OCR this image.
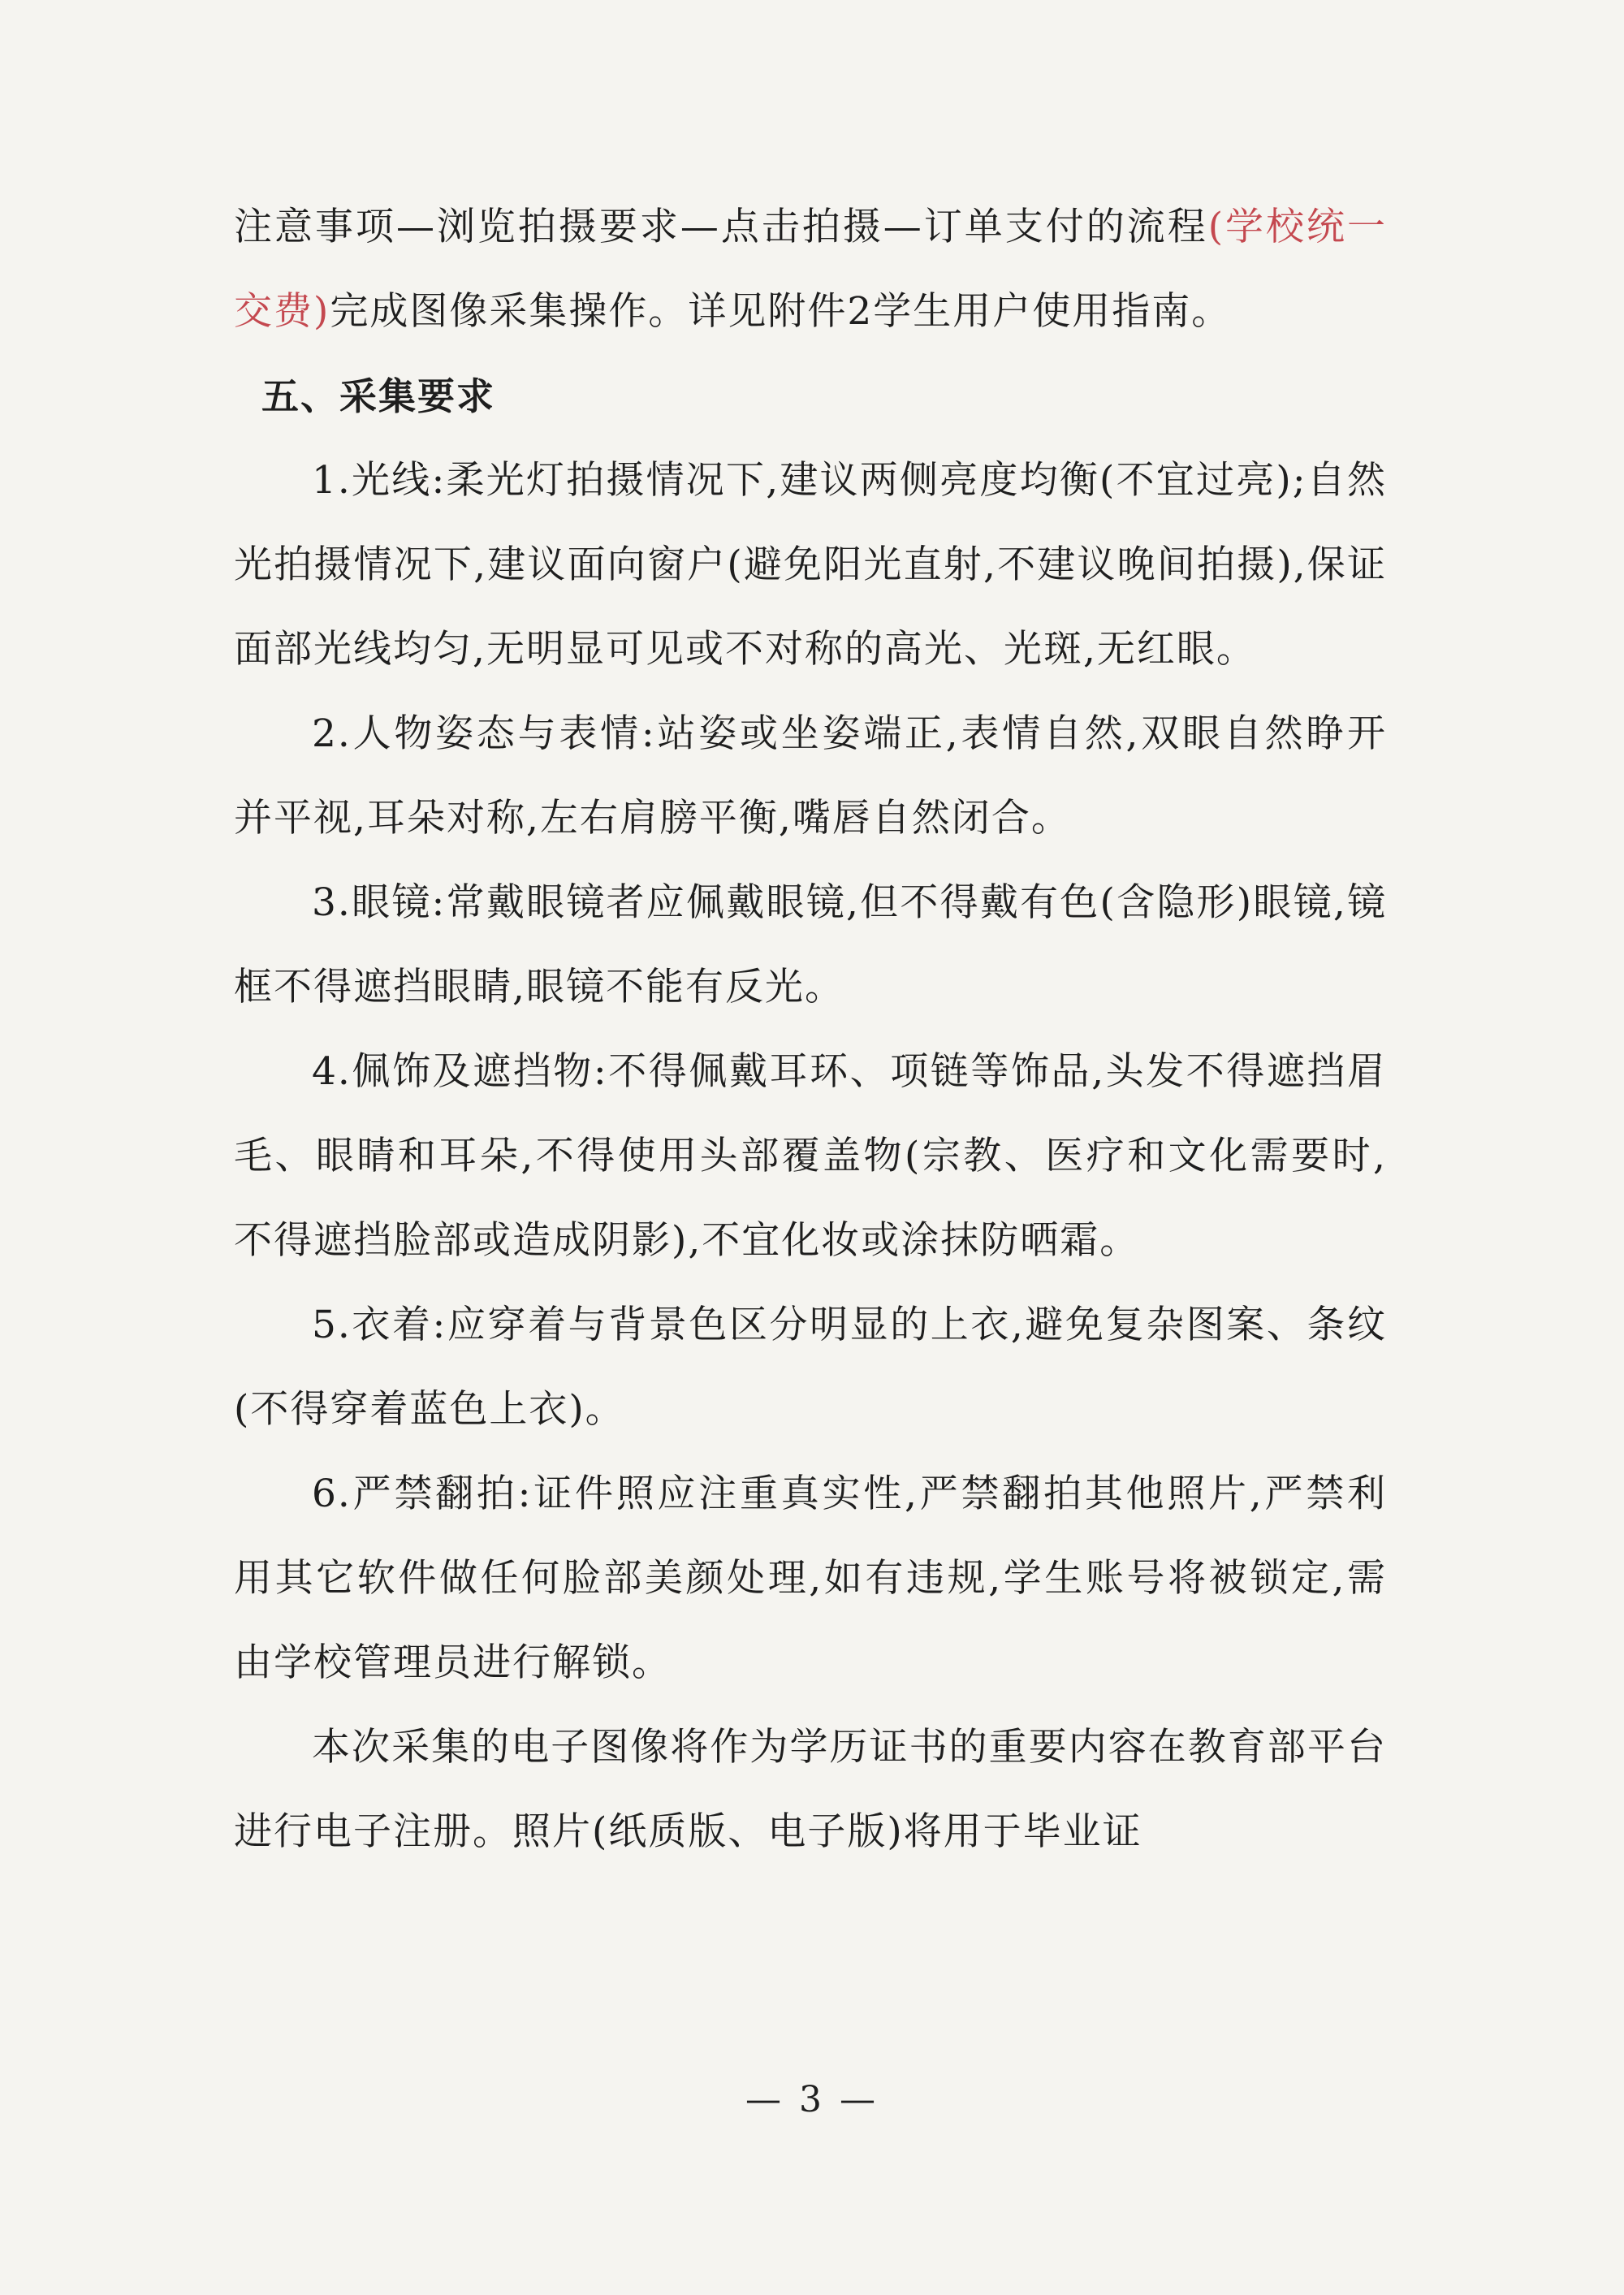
注意事项—浏览拍摄要求—点击拍摄—订单支付的流程(学校统一交费)完成图像采集操作。详见附件2学生用户使用指南。

五、采集要求

1.光线:柔光灯拍摄情况下,建议两侧亮度均衡(不宜过亮);自然光拍摄情况下,建议面向窗户(避免阳光直射,不建议晚间拍摄),保证面部光线均匀,无明显可见或不对称的高光、光斑,无红眼。

2.人物姿态与表情:站姿或坐姿端正,表情自然,双眼自然睁开并平视,耳朵对称,左右肩膀平衡,嘴唇自然闭合。

3.眼镜:常戴眼镜者应佩戴眼镜,但不得戴有色(含隐形)眼镜,镜框不得遮挡眼睛,眼镜不能有反光。

4.佩饰及遮挡物:不得佩戴耳环、项链等饰品,头发不得遮挡眉毛、眼睛和耳朵,不得使用头部覆盖物(宗教、医疗和文化需要时,不得遮挡脸部或造成阴影),不宜化妆或涂抹防晒霜。

5.衣着:应穿着与背景色区分明显的上衣,避免复杂图案、条纹(不得穿着蓝色上衣)。

6.严禁翻拍:证件照应注重真实性,严禁翻拍其他照片,严禁利用其它软件做任何脸部美颜处理,如有违规,学生账号将被锁定,需由学校管理员进行解锁。

本次采集的电子图像将作为学历证书的重要内容在教育部平台进行电子注册。照片(纸质版、电子版)将用于毕业证

— 3 —
